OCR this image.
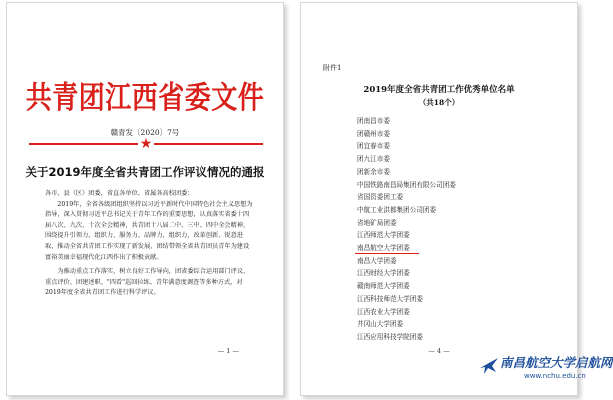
共青团江西省委文件
赣青发〔2020〕7号
★
关于2019年度全省共青团工作评议情况的通报

各市、县（区）团委，省直各单位、省属各高校团委：

2019年，全省各级团组织坚持以习近平新时代中国特色社会主义思想为指导，深入贯彻习近平总书记关于青年工作的重要思想，认真落实省委十四届八次、九次、十次全会精神，共青团十八届二中、三中、四中全会精神，围绕提升引领力、组织力、服务力、品牌力，组织力，改革创新、锐意进取，推动全省共青团工作实现了新发展，团结带领全省共青团员青年为建设富裕美丽幸福现代化江西作出了积极贡献。

为推动重点工作落实，树立良好工作导向，团省委综合运用部门评议、重点评价、团建述职、"四看"巡回拉练、青年满意度调查等多种方式，对2019年度全省共青团工作进行科学评议。

— 1 —
附件1
2019年度全省共青团工作优秀单位名单
（共18个）
团南昌市委
团赣州市委
团宜春市委
团九江市委
团新余市委
中国铁路南昌局集团有限公司团委
省国资委团工委
中航工业洪都集团公司团委
省地矿局团委
江西师范大学团委
南昌航空大学团委
南昌大学团委
江西财经大学团委
赣南师范大学团委
江西科技师范大学团委
江西农业大学团委
井冈山大学团委
江西应用科技学院团委
— 4 —
南昌航空大学启航网
www.nchu.edu.cn
